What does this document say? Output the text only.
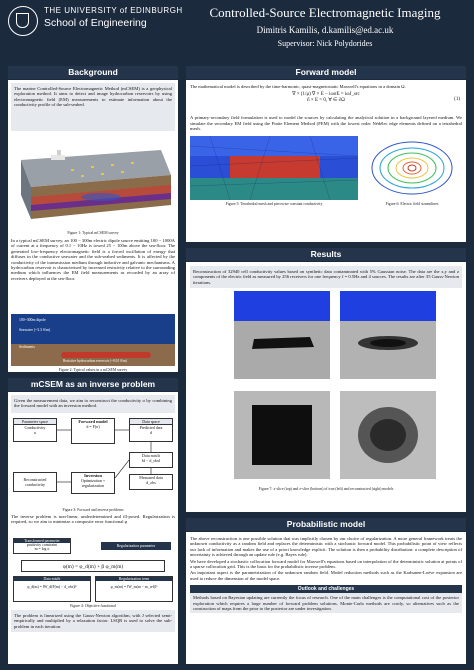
THE UNIVERSITY of EDINBURGH
School of Engineering
Controlled-Source Electromagnetic Imaging
Dimitris Kamilis, d.kamilis@ed.ac.uk
Supervisor: Nick Polydorides
Background
The marine Controlled-Source Electromagnetic Method (mCSEM) is a geophysical exploration method. It aims to detect and image hydrocarbon reservoirs by using electromagnetic field (EM) measurements to estimate information about the conductivity profile of the sub-seabed.
Figure 1: Typical mCSEM survey
In a typical mCSEM survey, an 100 − 300m electric dipole source emitting 100 − 1000A of current at a frequency of 0.1 − 10Hz is towed 25 − 100m above the sea-floor. The generated low-frequency electromagnetic field is a forced oscillation of energy that diffuses in the conductive seawater and the sub-seabed sediments. It is affected by the conductivity of the transmission medium through inductive and galvanic mechanisms. A hydrocarbon reservoir is characterised by increased resistivity relative to the surrounding medium which influences the EM field measurements as recorded by an array of receivers deployed at the sea-floor.
100~300m dipole
Seawater (~3.3 S/m)
Sediments
Resistive hydrocarbon reservoir (~0.01 S/m)
Figure 2: Typical values in a mCSEM survey
mCSEM as an inverse problem
Given the measurement data, we aim to reconstruct the conductivity σ by combining the forward model with an inversion method.
Parameter space
Conductivity
σ
Forward model
d = F(σ)
Data space
Predicted data
d
Reconstructed conductivity
Inversion
Optimization + regularization
Data misfit
‖d − d_obs‖
Measured data
d_obs
Figure 3: Forward and inverse problems
The inverse problem is non-linear, underdetermined and ill-posed. Regularization is required, so we aim to minimize a composite error functional φ
Transformed parameter
positivity constraint
m = log σ
Regularization parameter
φ(m) = φ_d(m) + β φ_m(m)
Data misfit
φ_d(m) = ‖W_d(F(m) − d_obs)‖²
Regularization term
φ_m(m) = ‖W_m(m − m_ref)‖²
Figure 4: Objective functional
The problem is linearized using the Gauss-Newton algorithm, with J selected semi-empirically and multiplied by a relaxation factor. LSQR is used to solve the sub-problem in each iteration.
Forward model
The mathematical model is described by the time-harmonic, quasi-magnetostatic Maxwell's equations in a domain Ω.
∇ × (1/μ) ∇ × E − iωσE = iωJ_src
n̂ × E = 0, ∀ ∈ ∂Ω	(1)
A primary-secondary field formulation is used to model the sources by calculating the analytical solution in a background layered medium. We simulate the secondary EM field using the Finite Element Method (FEM) with the lowest order Nédélec edge elements defined on a tetrahedral mesh.
Figure 5: Tetrahedral mesh and piecewise constant conductivity	Figure 6: Electric field streamlines
Results
Reconstruction of 32940 cell conductivity values based on synthetic data contaminated with 5% Gaussian noise. The data are the x,y and z components of the electric field as measured by 256 receivers for one frequency f = 0.5Hz and 4 sources. The results are after 35 Gauss-Newton iterations.
Figure 7: x-slice (top) and z-slice (bottom) of true (left) and reconstructed (right) models
Probabilistic model
The above reconstruction is one possible solution that was implicitly chosen by our choice of regularization. A more general framework treats the unknown conductivity as a random field and replaces the deterministic with a stochastic forward model. This probabilistic point of view reflects our lack of information and makes the use of a priori knowledge explicit. The solution is then a probability distribution: a complete description of uncertainty is achieved through an update rule (e.g. Bayes rule).
We have developed a stochastic collocation forward model for Maxwell's equations based on interpolation of the deterministic solution at points of a sparse collocation grid. This is the basis for the probabilistic inverse problem.
An important aspect is the parametrization of the unknown random field. Model reduction methods such as the Karhunen-Loève expansion are used to reduce the dimension of the model space.
Outlook and challenges
Methods based on Bayesian updating are currently the focus of research. One of the main challenges is the computational cost of the posterior exploration which requires a large number of forward problem solutions. Monte-Carlo methods are costly, so alternatives such as the construction of maps from the prior to the posterior are under investigation.
